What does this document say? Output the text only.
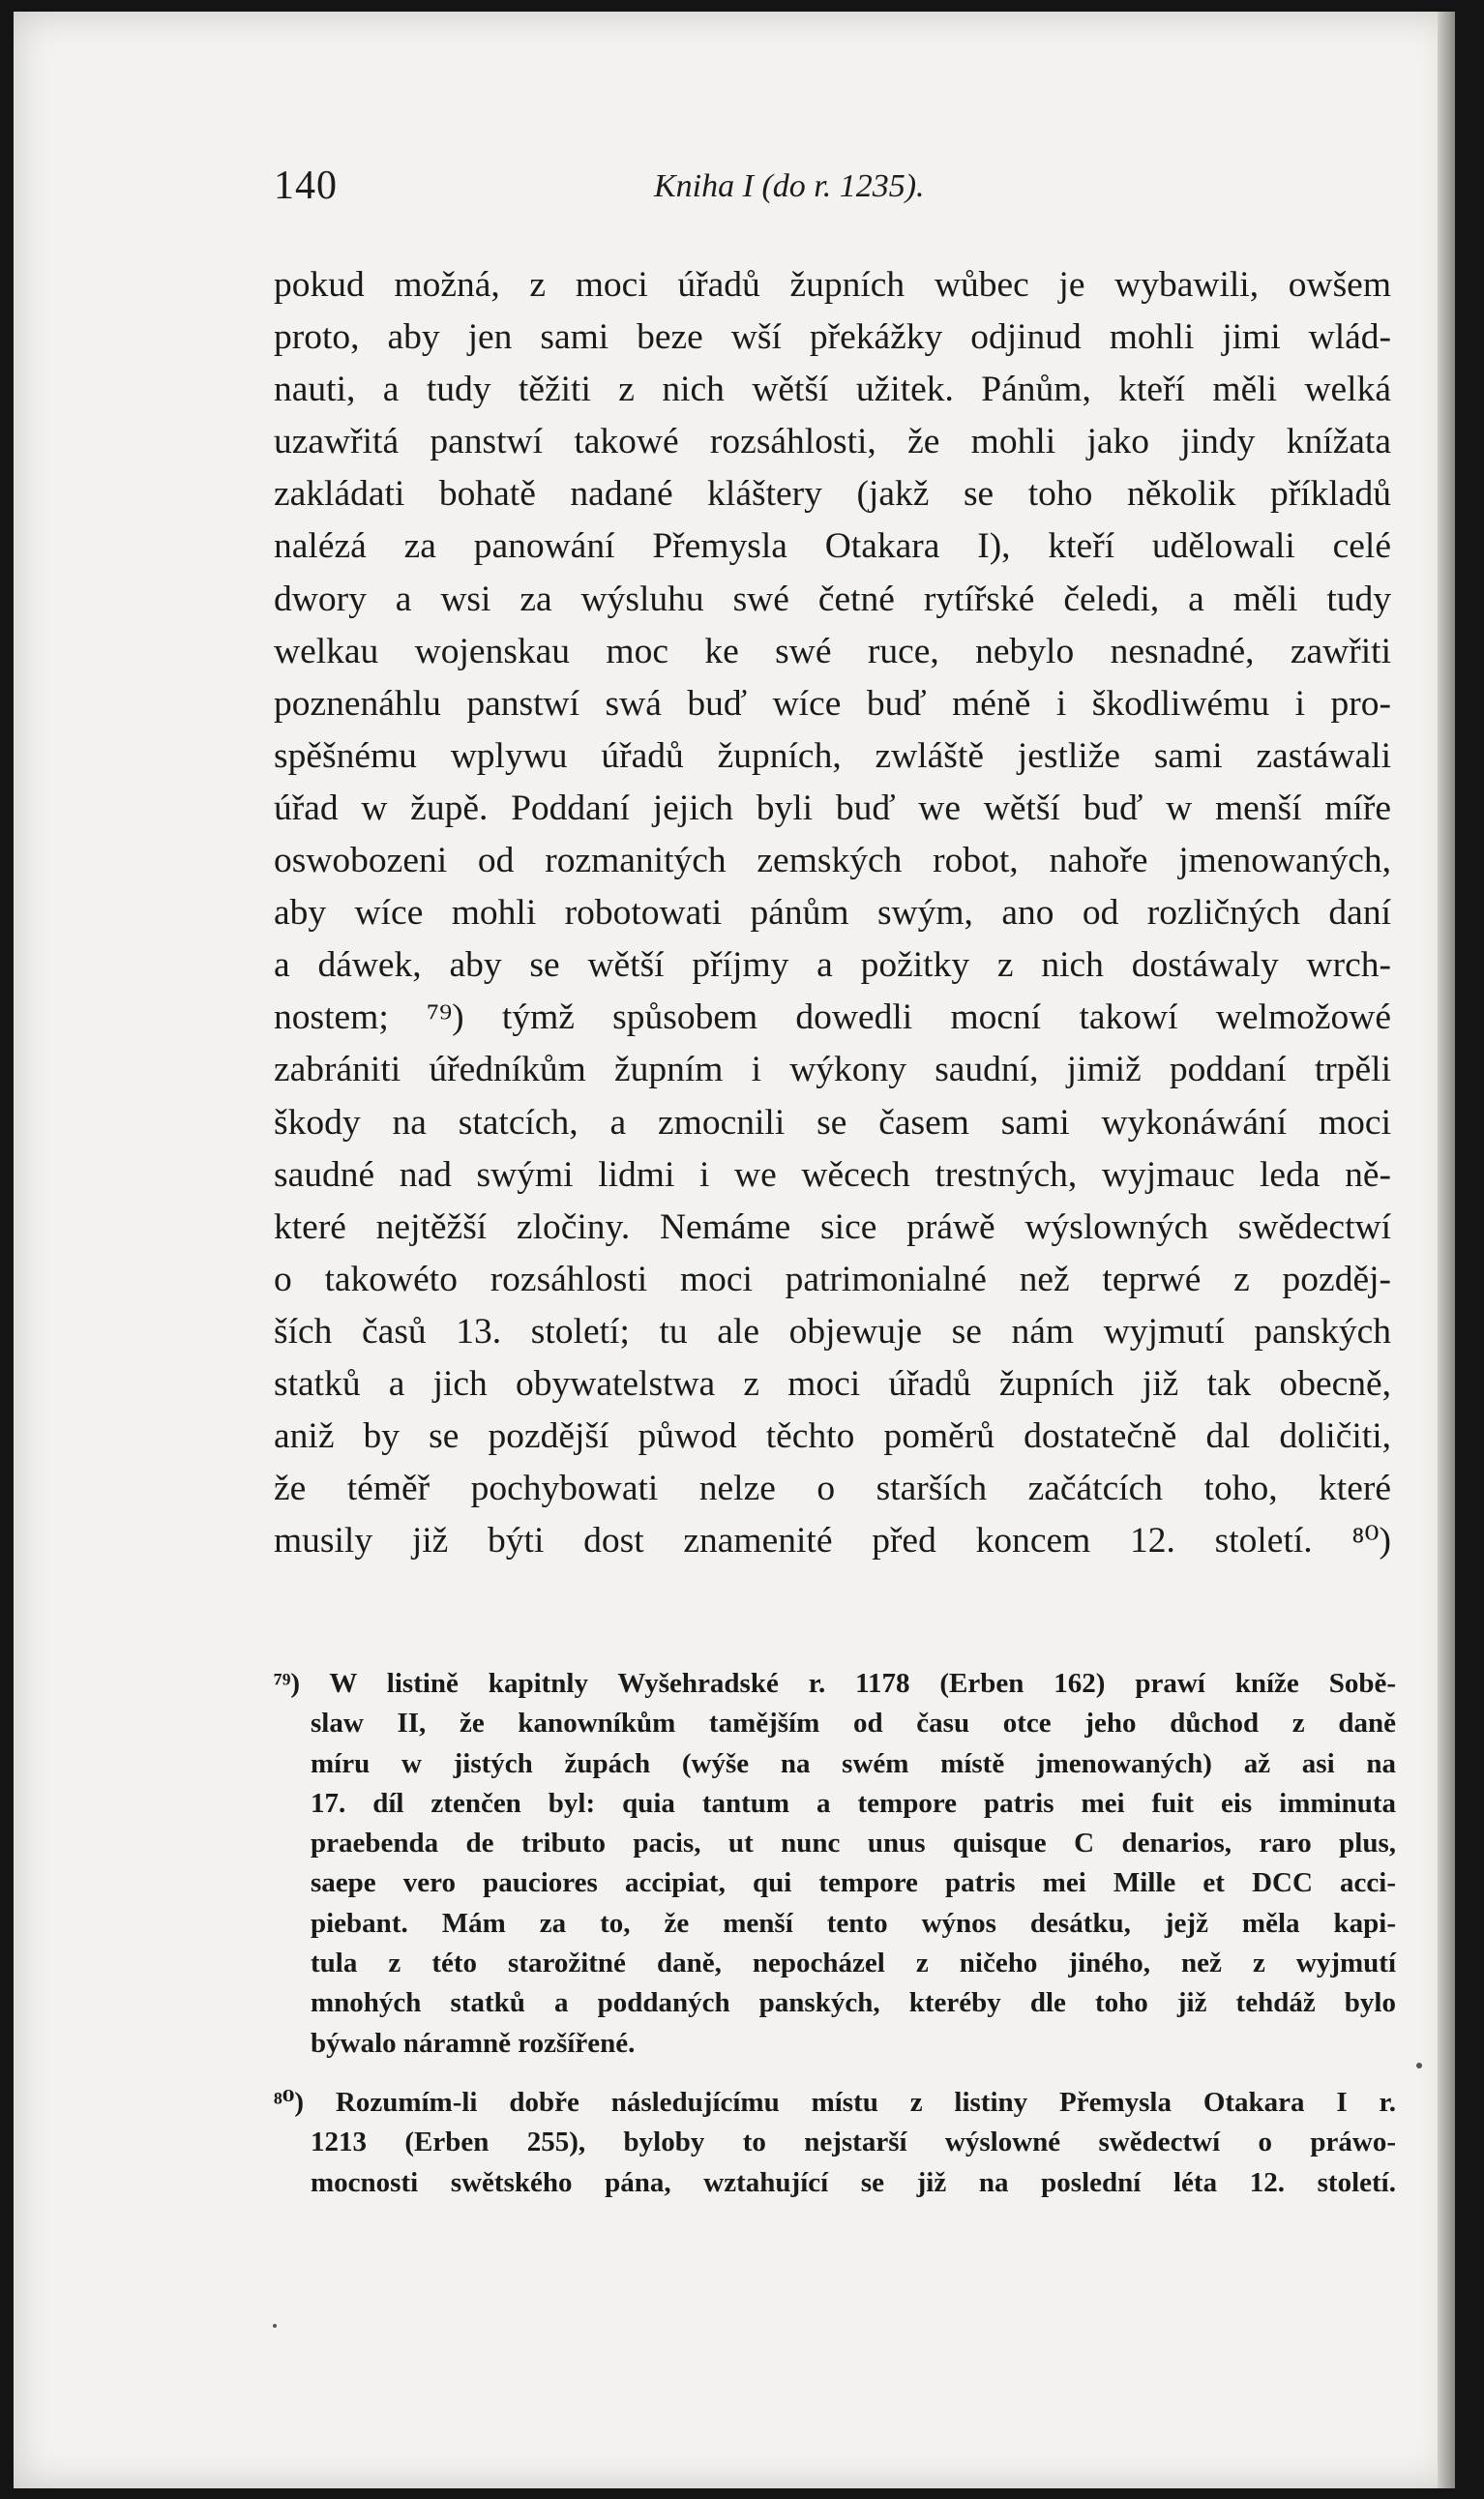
140	Kniha I (do r. 1235).
pokud možná, z moci úřadů župních wůbec je wybawili, owšem
proto, aby jen sami beze wší překážky odjinud mohli jimi wlád-
nauti, a tudy těžiti z nich wětší užitek. Pánům, kteří měli welká
uzawřitá panstwí takowé rozsáhlosti, že mohli jako jindy knížata
zakládati bohatě nadané kláštery (jakž se toho několik příkladů
nalézá za panowání Přemysla Otakara I), kteří udělowali celé
dwory a wsi za wýsluhu swé četné rytířské čeledi, a měli tudy
welkau wojenskau moc ke swé ruce, nebylo nesnadné, zawřiti
poznenáhlu panstwí swá buď wíce buď méně i škodliwému i pro-
spěšnému wplywu úřadů župních, zwláště jestliže sami zastáwali
úřad w župě. Poddaní jejich byli buď we wětší buď w menší míře
oswobozeni od rozmanitých zemských robot, nahoře jmenowaných,
aby wíce mohli robotowati pánům swým, ano od rozličných daní
a dáwek, aby se wětší příjmy a požitky z nich dostáwaly wrch-
nostem; ⁷⁹) týmž spůsobem dowedli mocní takowí welmožowé
zabrániti úředníkům župním i wýkony saudní, jimiž poddaní trpěli
škody na statcích, a zmocnili se časem sami wykonáwání moci
saudné nad swými lidmi i we wěcech trestných, wyjmauc leda ně-
které nejtěžší zločiny. Nemáme sice práwě wýslowných swědectwí
o takowéto rozsáhlosti moci patrimonialné než teprwé z pozděj-
ších časů 13. století; tu ale objewuje se nám wyjmutí panských
statků a jich obywatelstwa z moci úřadů župních již tak obecně,
aniž by se pozdější půwod těchto poměrů dostatečně dal doličiti,
že téměř pochybowati nelze o starších začátcích toho, které
musily již býti dost znamenité před koncem 12. století. ⁸⁰)
⁷⁹) W listině kapitnly Wyšehradské r. 1178 (Erben 162) prawí kníže Sobě-
slaw II, že kanowníkům tamějším od času otce jeho důchod z daně
míru w jistých župách (wýše na swém místě jmenowaných) až asi na
17. díl ztenčen byl: quia tantum a tempore patris mei fuit eis imminuta
praebenda de tributo pacis, ut nunc unus quisque C denarios, raro plus,
saepe vero pauciores accipiat, qui tempore patris mei Mille et DCC acci-
piebant. Mám za to, že menší tento wýnos desátku, jejž měla kapi-
tula z této starožitné daně, nepocházel z ničeho jiného, než z wyjmutí
mnohých statků a poddaných panských, kteréby dle toho již tehdáž bylo
býwalo náramně rozšířené.
⁸⁰) Rozumím-li dobře následujícímu místu z listiny Přemysla Otakara I r.
1213 (Erben 255), byloby to nejstarší wýslowné swědectwí o práwo-
mocnosti swětského pána, wztahující se již na poslední léta 12. století.
